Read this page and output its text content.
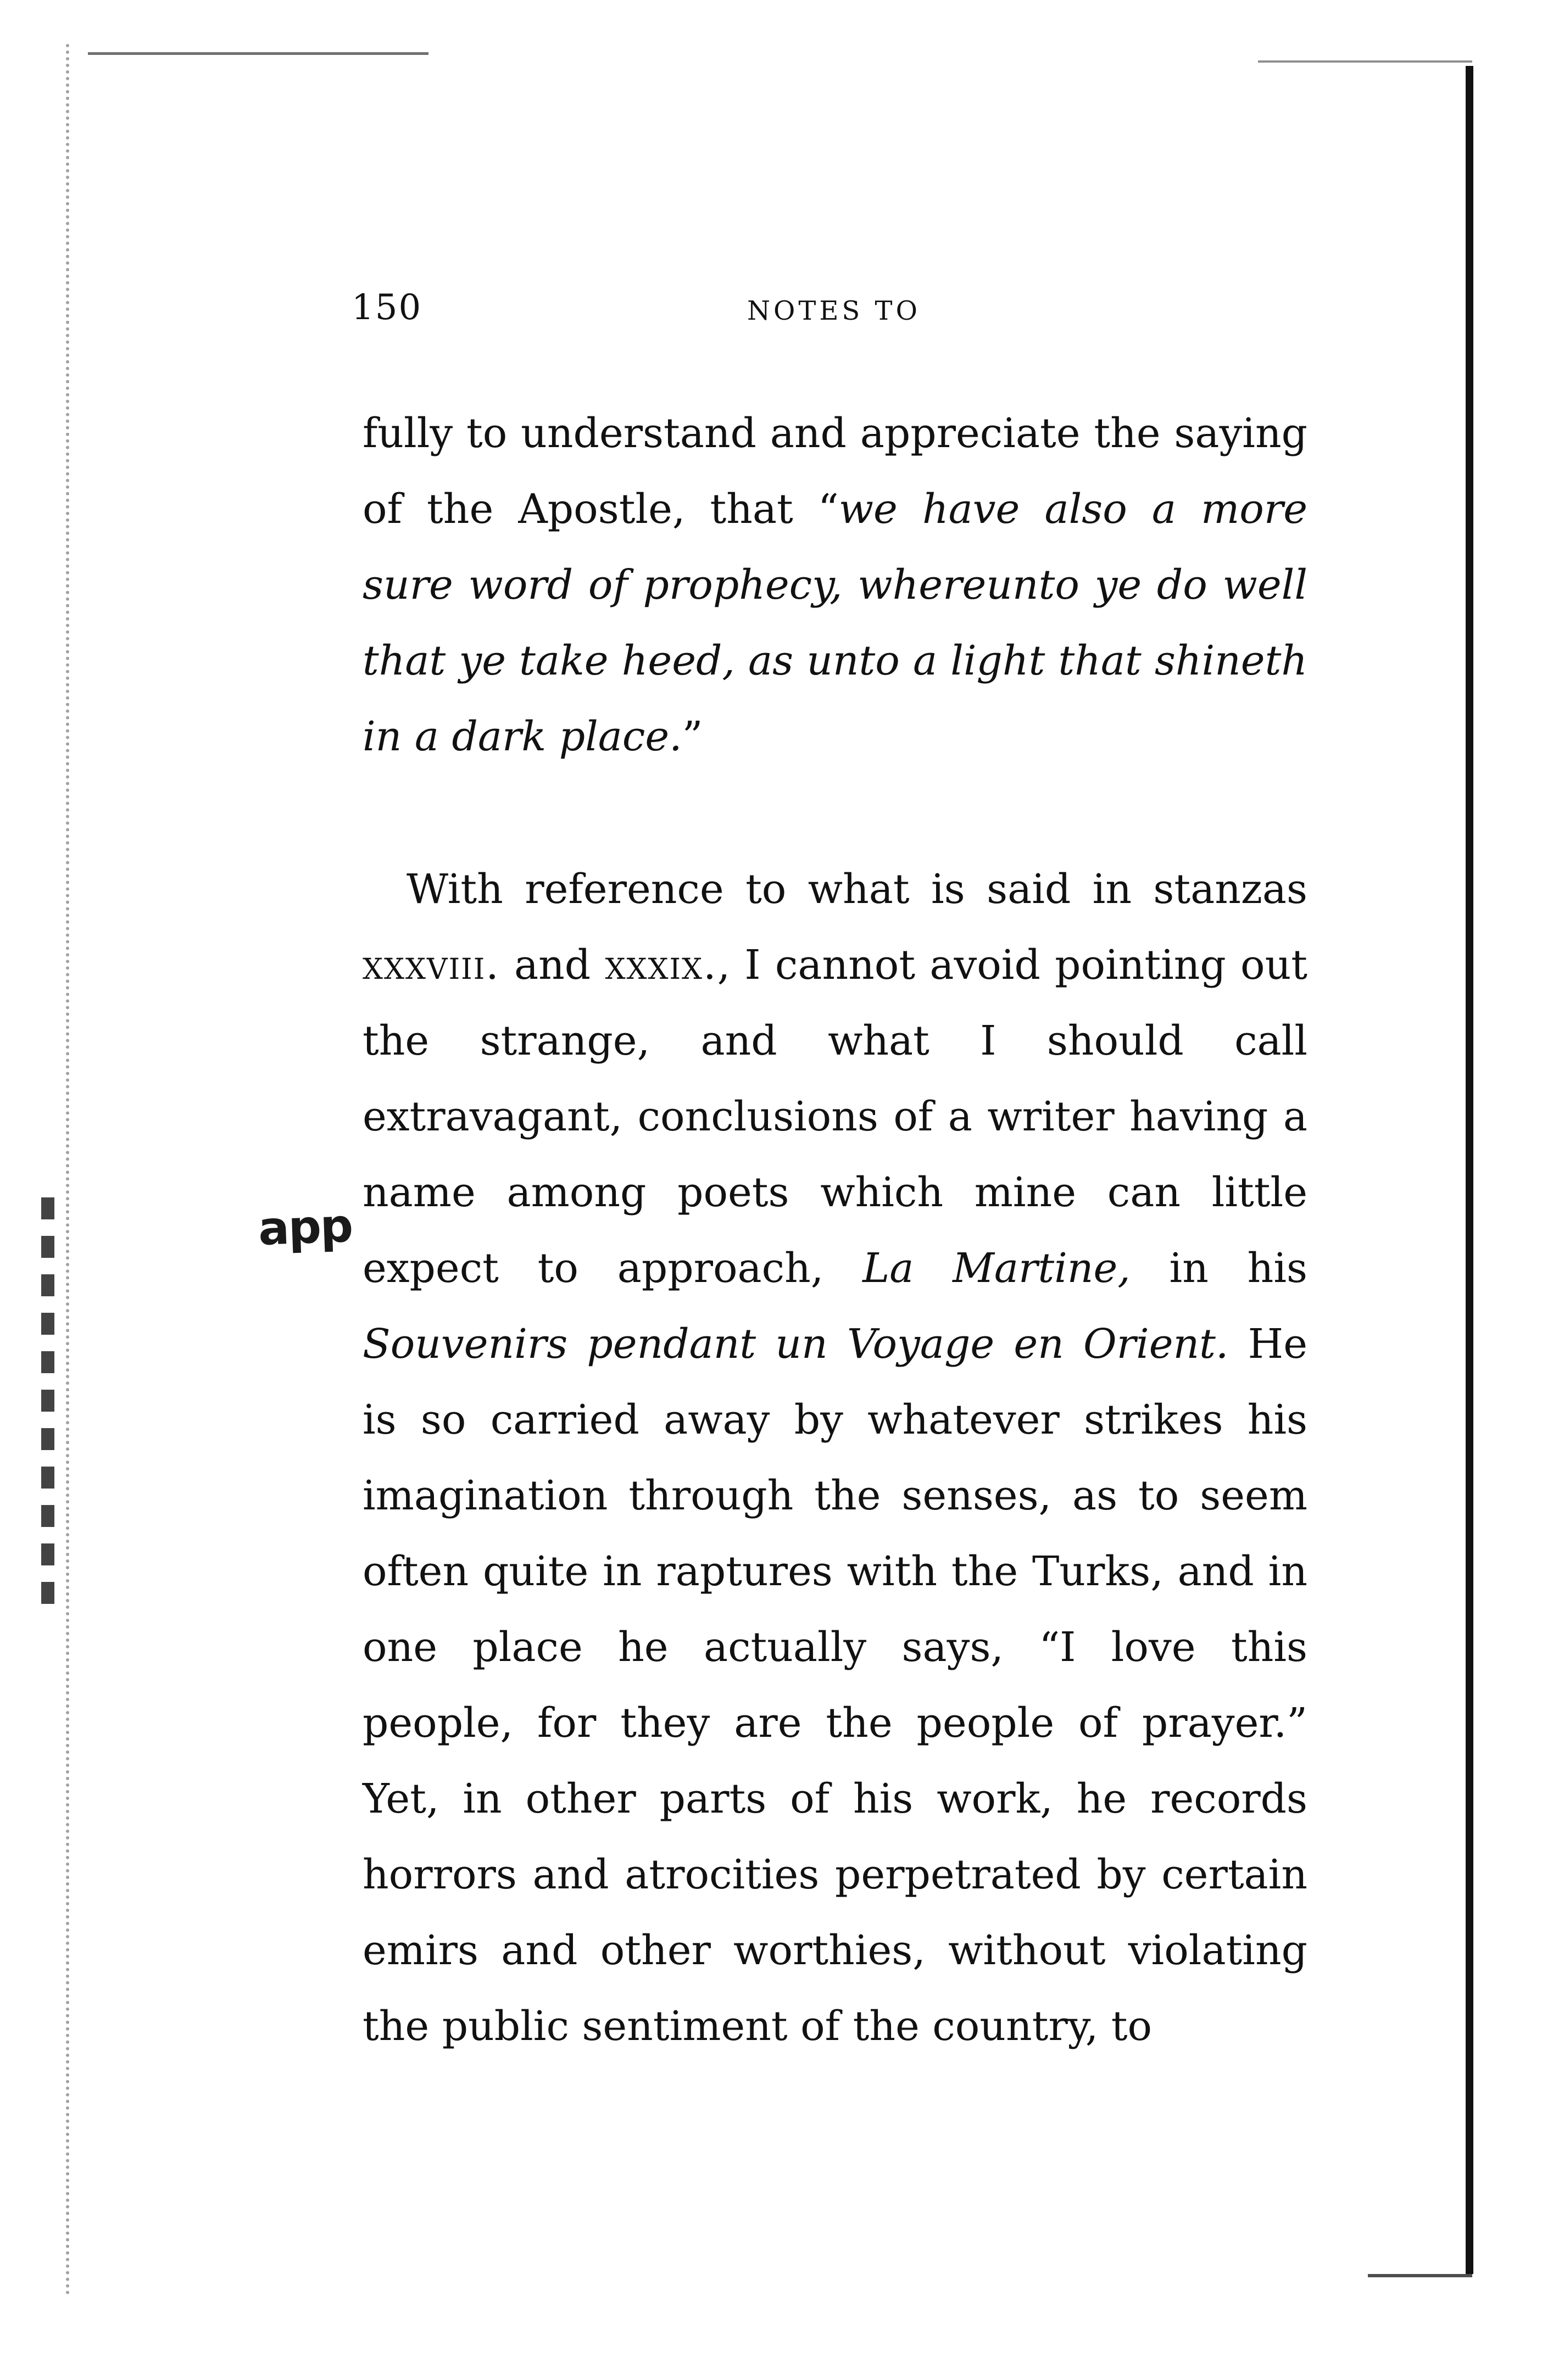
150	NOTES TO
app

fully to understand and appreciate the saying of the Apostle, that “we have also a more sure word of prophecy, whereunto ye do well that ye take heed, as unto a light that shineth in a dark place.”

With reference to what is said in stanzas xxxviii. and xxxix., I cannot avoid pointing out the strange, and what I should call extravagant, conclusions of a writer having a name among poets which mine can little expect to approach, La Martine, in his Souvenirs pendant un Voyage en Orient. He is so carried away by whatever strikes his imagination through the senses, as to seem often quite in raptures with the Turks, and in one place he actually says, “I love this people, for they are the people of prayer.” Yet, in other parts of his work, he records horrors and atrocities perpetrated by certain emirs and other worthies, without violating the public sentiment of the country, to
